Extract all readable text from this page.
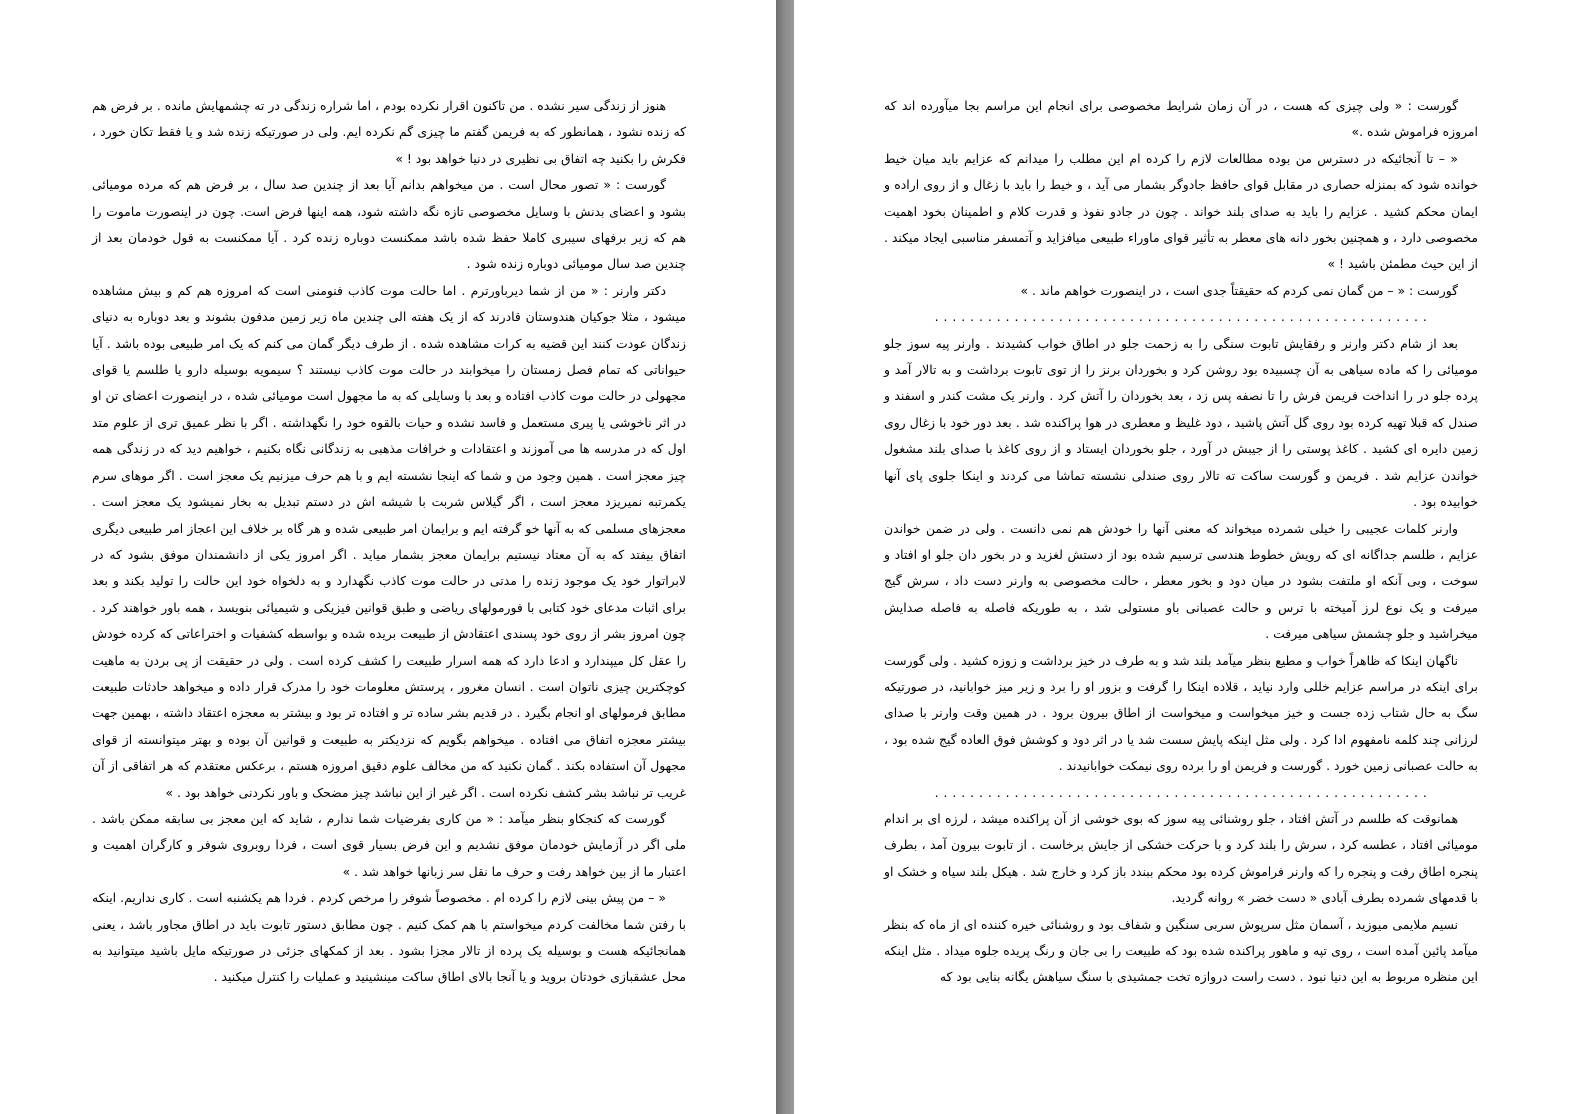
هنوز از زندگی سیر نشده . من تاکنون اقرار نکرده بودم ، اما شراره زندگی در ته چشمهایش مانده . بر فرض هم که زنده نشود ، همانطور که به فریمن گفتم ما چیزی گم نکرده ایم. ولی در صورتیکه زنده شد و یا فقط تکان خورد ، فکرش را بکنید چه اتفاق بی نظیری در دنیا خواهد بود ! »

گورست : « تصور محال است . من میخواهم بدانم آیا بعد از چندین صد سال ، بر فرض هم که مرده مومیائی بشود و اعضای بدنش با وسایل مخصوصی تازه نگه داشته شود، همه اینها فرض است. چون در اینصورت ماموت را هم که زیر برفهای سیبری کاملا حفظ شده باشد ممکنست دوباره زنده کرد . آیا ممکنست به قول خودمان بعد از چندین صد سال مومیائی دوباره زنده شود .

دکتر وارنر : « من از شما دیرباورترم . اما حالت موت کاذب فنومنی است که امروزه هم کم و بیش مشاهده میشود ، مثلا جوکیان هندوستان قادرند که از یک هفته الی چندین ماه زیر زمین مدفون بشوند و بعد دوباره به دنیای زندگان عودت کنند این قضیه به کرات مشاهده شده . از طرف دیگر گمان می کنم که یک امر طبیعی بوده باشد . آیا حیواناتی که تمام فصل زمستان را میخوابند در حالت موت کاذب نیستند ؟ سیمویه بوسیله دارو یا طلسم یا قوای مجهولی در حالت موت کاذب افتاده و بعد با وسایلی که به ما مجهول است مومیائی شده ، در اینصورت اعضای تن او در اثر ناخوشی یا پیری مستعمل و فاسد نشده و حیات بالقوه خود را نگهداشته . اگر با نظر عمیق تری از علوم متد اول که در مدرسه ها می آموزند و اعتقادات و خرافات مذهبی به زندگانی نگاه بکنیم ، خواهیم دید که در زندگی همه چیز معجز است . همین وجود من و شما که اینجا نشسته ایم و با هم حرف میزنیم یک معجز است . اگر موهای سرم یکمرتبه نمیریزد معجز است ، اگر گیلاس شربت با شیشه اش در دستم تبدیل به بخار نمیشود یک معجز است . معجزهای مسلمی که به آنها خو گرفته ایم و برایمان امر طبیعی شده و هر گاه بر خلاف این اعجاز امر طبیعی دیگری اتفاق بیفتد که به آن معتاد نیستیم برایمان معجز بشمار میاید . اگر امروز یکی از دانشمندان موفق بشود که در لابراتوار خود یک موجود زنده را مدتی در حالت موت کاذب نگهدارد و به دلخواه خود این حالت را تولید بکند و بعد برای اثبات مدعای خود کتابی با فورمولهای ریاضی و طبق قوانین فیزیکی و شیمیائی بنویسد ، همه باور خواهند کرد . چون امروز بشر از روی خود پسندی اعتقادش از طبیعت بریده شده و بواسطه کشفیات و اختراعاتی که کرده خودش را عقل کل میپندارد و ادعا دارد که همه اسرار طبیعت را کشف کرده است . ولی در حقیقت از پی بردن به ماهیت کوچکترین چیزی ناتوان است . انسان مغرور ، پرستش معلومات خود را مدرک قرار داده و میخواهد حادثات طبیعت مطابق فرمولهای او انجام بگیرد . در قدیم بشر ساده تر و افتاده تر بود و بیشتر به معجزه اعتقاد داشته ، بهمین جهت بیشتر معجزه اتفاق می افتاده . میخواهم بگویم که نزدیکتر به طبیعت و قوانین آن بوده و بهتر میتوانسته از قوای مجهول آن استفاده بکند . گمان نکنید که من مخالف علوم دقیق امروزه هستم ، برعکس معتقدم که هر اتفاقی از آن غریب تر نباشد بشر کشف نکرده است . اگر غیر از این نباشد چیز مضحک و باور نکردنی خواهد بود . »

گورست که کنجکاو بنظر میآمد : « من کاری بفرضیات شما ندارم ، شاید که این معجز بی سابقه ممکن باشد . ملی اگر در آزمایش خودمان موفق نشدیم و این فرض بسیار قوی است ، فردا روبروی شوفر و کارگران اهمیت و اعتبار ما از بین خواهد رفت و حرف ما نقل سر زبانها خواهد شد . »

« – من پیش بینی لازم را کرده ام . مخصوصاً شوفر را مرخص کردم . فردا هم یکشنبه است . کاری نداریم. اینکه با رفتن شما مخالفت کردم میخواستم با هم کمک کنیم . چون مطابق دستور تابوت باید در اطاق مجاور باشد ، یعنی همانجائیکه هست و بوسیله یک پرده از تالار مجزا بشود . بعد از کمکهای جزئی در صورتیکه مایل باشید میتوانید به محل عشقبازی خودتان بروید و یا آنجا بالای اطاق ساکت مینشینید و عملیات را کنترل میکنید .

گورست : « ولی چیزی که هست ، در آن زمان شرایط مخصوصی برای انجام این مراسم بجا میآورده اند که امروزه فراموش شده .»

« – تا آنجائیکه در دسترس من بوده مطالعات لازم را کرده ام این مطلب را میدانم که عزایم باید میان خیط خوانده شود که بمنزله حصاری در مقابل قوای حافظ جادوگر بشمار می آید ، و خیط را باید با زغال و از روی اراده و ایمان محکم کشید . عزایم را باید به صدای بلند خواند . چون در جادو نفوذ و قدرت کلام و اطمینان بخود اهمیت مخصوصی دارد ، و همچنین بخور دانه های معطر به تأثیر قوای ماوراء طبیعی میافزاید و آتمسفر مناسبی ایجاد میکند . از این حیث مطمئن باشید ! »

گورست : « – من گمان نمی کردم که حقیقتاً جدی است ، در اینصورت خواهم ماند . »

. . . . . . . . . . . . . . . . . . . . . . . . . . . . . . . . . . . . . . . . . . . . . . . . . . . . . . . .

بعد از شام دکتر وارنر و رفقایش تابوت سنگی را به زحمت جلو در اطاق خواب کشیدند . وارنر پیه سوز جلو مومیائی را که ماده سیاهی به آن چسبیده بود روشن کرد و بخوردان برنز را از توی تابوت برداشت و به تالار آمد و پرده جلو در را انداخت فریمن فرش را تا نصفه پس زد ، بعد بخوردان را آتش کرد . وارنر یک مشت کندر و اسفند و صندل که قبلا تهیه کرده بود روی گل آتش پاشید ، دود غلیظ و معطری در هوا پراکنده شد . بعد دور خود با زغال روی زمین دایره ای کشید . کاغذ پوستی را از جیبش در آورد ، جلو بخوردان ایستاد و از روی کاغذ با صدای بلند مشغول خواندن عزایم شد . فریمن و گورست ساکت ته تالار روی صندلی نشسته تماشا می کردند و اینکا جلوی پای آنها خوابیده بود .

وارنر کلمات عجیبی را خیلی شمرده میخواند که معنی آنها را خودش هم نمی دانست . ولی در ضمن خواندن عزایم ، طلسم جداگانه ای که رویش خطوط هندسی ترسیم شده بود از دستش لغزید و در بخور دان جلو او افتاد و سوخت ، وبی آنکه او ملتفت بشود در میان دود و بخور معطر ، حالت مخصوصی به وارنر دست داد ، سرش گیج میرفت و یک نوع لرز آمیخته با ترس و حالت عصبانی باو مستولی شد ، به طوریکه فاصله به فاصله صدایش میخراشید و جلو چشمش سیاهی میرفت .

ناگهان اینکا که ظاهراً خواب و مطیع بنظر میآمد بلند شد و به طرف در خیز برداشت و زوزه کشید . ولی گورست برای اینکه در مراسم عزایم خللی وارد نیاید ، قلاده اینکا را گرفت و بزور او را برد و زیر میز خوابانید، در صورتیکه سگ به حال شتاب زده جست و خیز میخواست و میخواست از اطاق بیرون برود . در همین وقت وارنر با صدای لرزانی چند کلمه نامفهوم ادا کرد . ولی مثل اینکه پایش سست شد یا در اثر دود و کوشش فوق العاده گیج شده بود ، به حالت عصبانی زمین خورد . گورست و فریمن او را برده روی نیمکت خوابانیدند .

. . . . . . . . . . . . . . . . . . . . . . . . . . . . . . . . . . . . . . . . . . . . . . . . . . . . . . . .

همانوقت که طلسم در آتش افتاد ، جلو روشنائی پیه سوز که بوی خوشی از آن پراکنده میشد ، لرزه ای بر اندام مومیائی افتاد ، عطسه کرد ، سرش را بلند کرد و با حرکت خشکی از جایش برخاست . از تابوت بیرون آمد ، بطرف پنجره اطاق رفت و پنجره را که وارنر فراموش کرده بود محکم ببندد باز کرد و خارج شد . هیکل بلند سیاه و خشک او با قدمهای شمرده بطرف آبادی « دست خضر » روانه گردید.

نسیم ملایمی میوزید ، آسمان مثل سرپوش سربی سنگین و شفاف بود و روشنائی خیره کننده ای از ماه که بنظر میآمد پائین آمده است ، روی تپه و ماهور پراکنده شده بود که طبیعت را بی جان و رنگ پریده جلوه میداد . مثل اینکه این منظره مربوط به این دنیا نبود . دست راست دروازه تخت جمشیدی با سنگ سیاهش یگانه بنایی بود که
